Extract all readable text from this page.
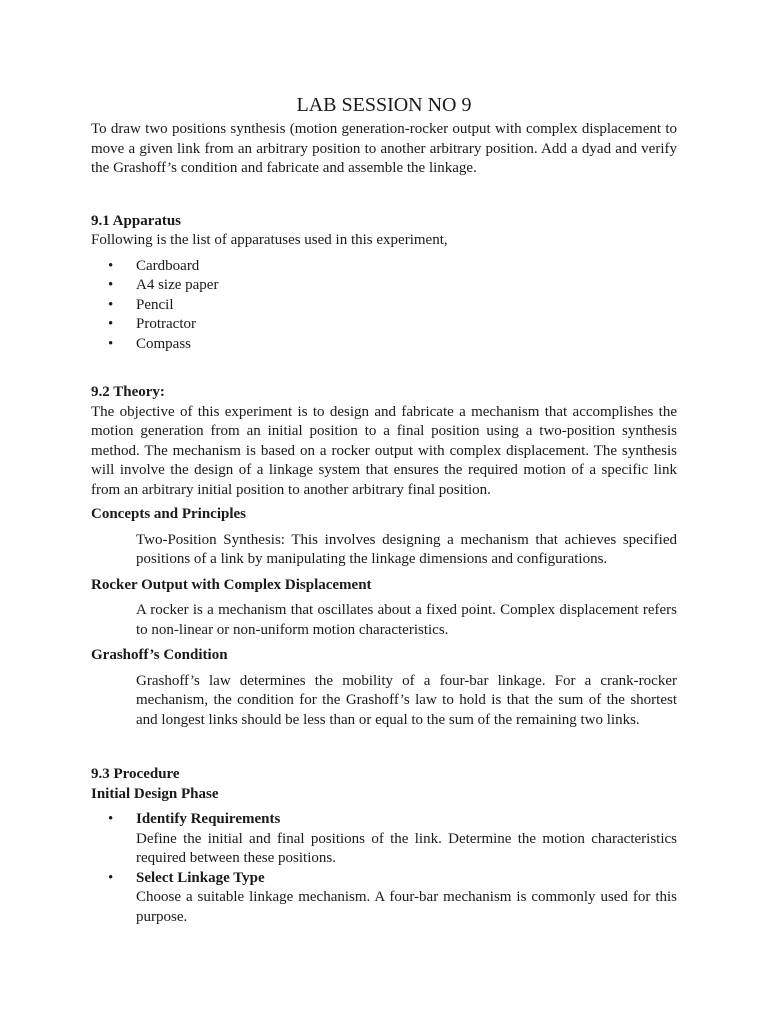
LAB SESSION NO 9

To draw two positions synthesis (motion generation-rocker output with complex displacement to move a given link from an arbitrary position to another arbitrary position. Add a dyad and verify the Grashoff’s condition and fabricate and assemble the linkage.

9.1 Apparatus

Following is the list of apparatuses used in this experiment,

• Cardboard
• A4 size paper
• Pencil
• Protractor
• Compass

9.2 Theory:

The objective of this experiment is to design and fabricate a mechanism that accomplishes the motion generation from an initial position to a final position using a two-position synthesis method. The mechanism is based on a rocker output with complex displacement. The synthesis will involve the design of a linkage system that ensures the required motion of a specific link from an arbitrary initial position to another arbitrary final position.

Concepts and Principles

Two-Position Synthesis: This involves designing a mechanism that achieves specified positions of a link by manipulating the linkage dimensions and configurations.

Rocker Output with Complex Displacement

A rocker is a mechanism that oscillates about a fixed point. Complex displacement refers to non-linear or non-uniform motion characteristics.

Grashoff’s Condition

Grashoff’s law determines the mobility of a four-bar linkage. For a crank-rocker mechanism, the condition for the Grashoff’s law to hold is that the sum of the shortest and longest links should be less than or equal to the sum of the remaining two links.

9.3 Procedure

Initial Design Phase

• Identify Requirements
Define the initial and final positions of the link. Determine the motion characteristics required between these positions.
• Select Linkage Type
Choose a suitable linkage mechanism. A four-bar mechanism is commonly used for this purpose.
